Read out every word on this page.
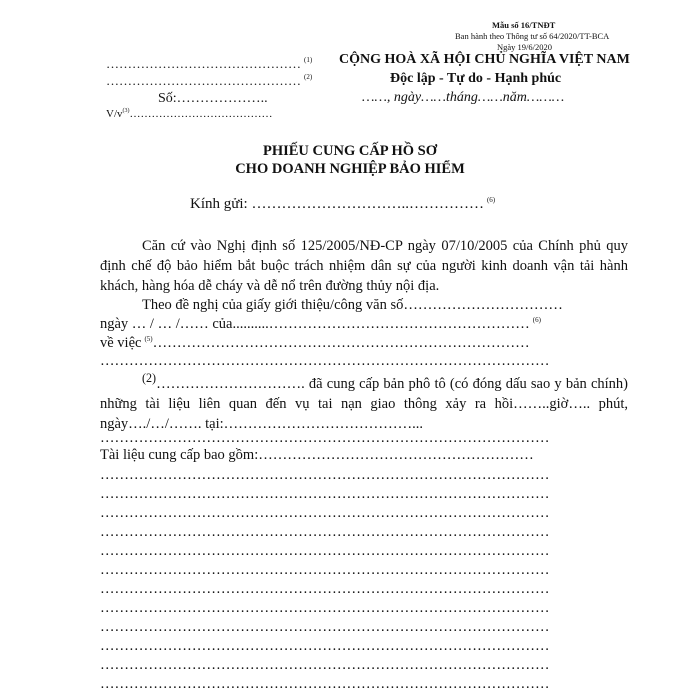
Mẫu số 16/TNĐT
Ban hành theo Thông tư số 64/2020/TT-BCA
Ngày 19/6/2020
……………………………………… $^{(1)}$
……………………………………… $^{(2)}$
Số:………………..
$V/v^{(3)}\dots\dots\dots\dots\dots\dots\dots\dots\dots\dots\dots\dots\dots$
CỘNG HOÀ XÃ HỘI CHỦ NGHĨA VIỆT NAM
Độc lập - Tự do - Hạnh phúc
……, ngày……tháng……năm………
PHIẾU CUNG CẤP HỒ SƠ
CHO DOANH NGHIỆP BẢO HIỂM
Kính gửi: …………………………..…………… $^{(6)}$
Căn cứ vào Nghị định số 125/2005/NĐ-CP ngày 07/10/2005 của Chính phủ quy định chế độ bảo hiểm bắt buộc trách nhiệm dân sự của người kinh doanh vận tải hành khách, hàng hóa dễ cháy và dễ nổ trên đường thủy nội địa.
Theo đề nghị của giấy giới thiệu/công văn số……………………………
ngày … / … /…… của..........……………………………………………… $^{(6)}$
về việc $^{(5)}$……………………………………………………………………
…………………………………………………………………………………
$^{(2)}$…………………………. đã cung cấp bản phô tô (có đóng dấu sao y bản chính) những tài liệu liên quan đến vụ tai nạn giao thông xảy ra hồi……..giờ….. phút, ngày…./…/……. tại:…………………………………...
…………………………………………………………………………………
Tài liệu cung cấp bao gồm:…………………………………………………
…………………………………………………………………………………
…………………………………………………………………………………
…………………………………………………………………………………
…………………………………………………………………………………
…………………………………………………………………………………
…………………………………………………………………………………
…………………………………………………………………………………
…………………………………………………………………………………
…………………………………………………………………………………
…………………………………………………………………………………
…………………………………………………………………………………
…………………………………………………………………………………
